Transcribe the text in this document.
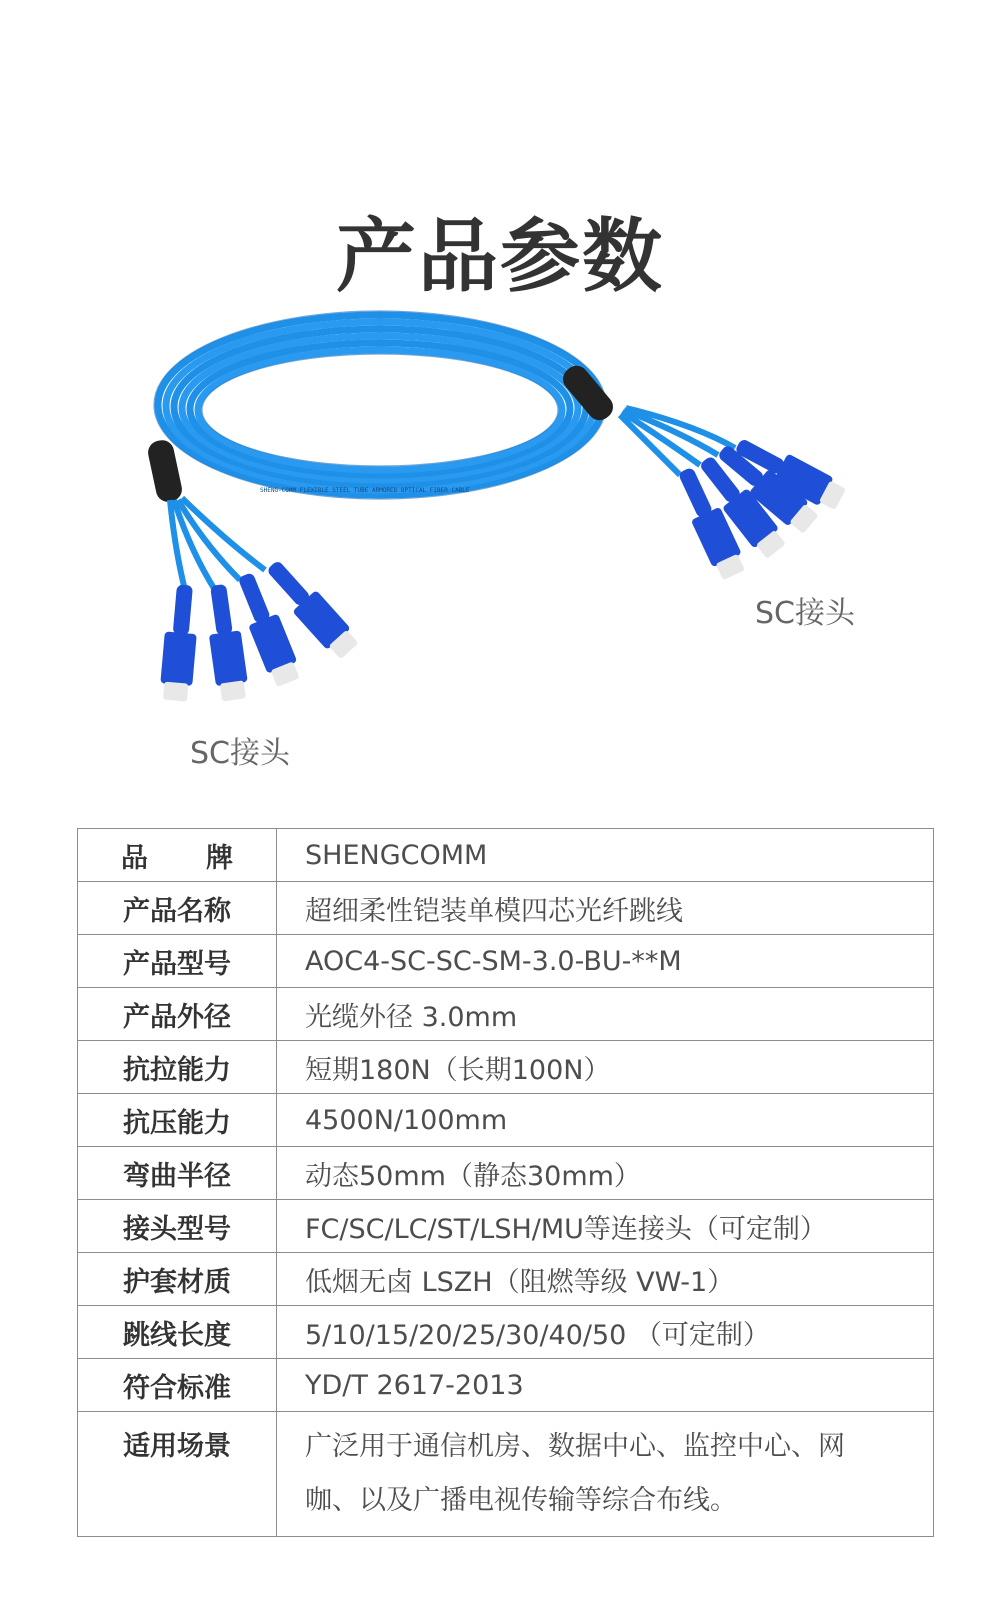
产品参数
SHENG-COMM FLEXIBLE STEEL TUBE ARMORED OPTICAL FIBER CABLE
SC接头
SC接头
品 牌	SHENGCOMM
产品名称	超细柔性铠装单模四芯光纤跳线
产品型号	AOC4-SC-SC-SM-3.0-BU-**M
产品外径	光缆外径 3.0mm
抗拉能力	短期180N（长期100N）
抗压能力	4500N/100mm
弯曲半径	动态50mm（静态30mm）
接头型号	FC/SC/LC/ST/LSH/MU等连接头（可定制）
护套材质	低烟无卤 LSZH（阻燃等级 VW-1）
跳线长度	5/10/15/20/25/30/40/50 （可定制）
符合标准	YD/T 2617-2013
适用场景	广泛用于通信机房、数据中心、监控中心、网咖、以及广播电视传输等综合布线。
